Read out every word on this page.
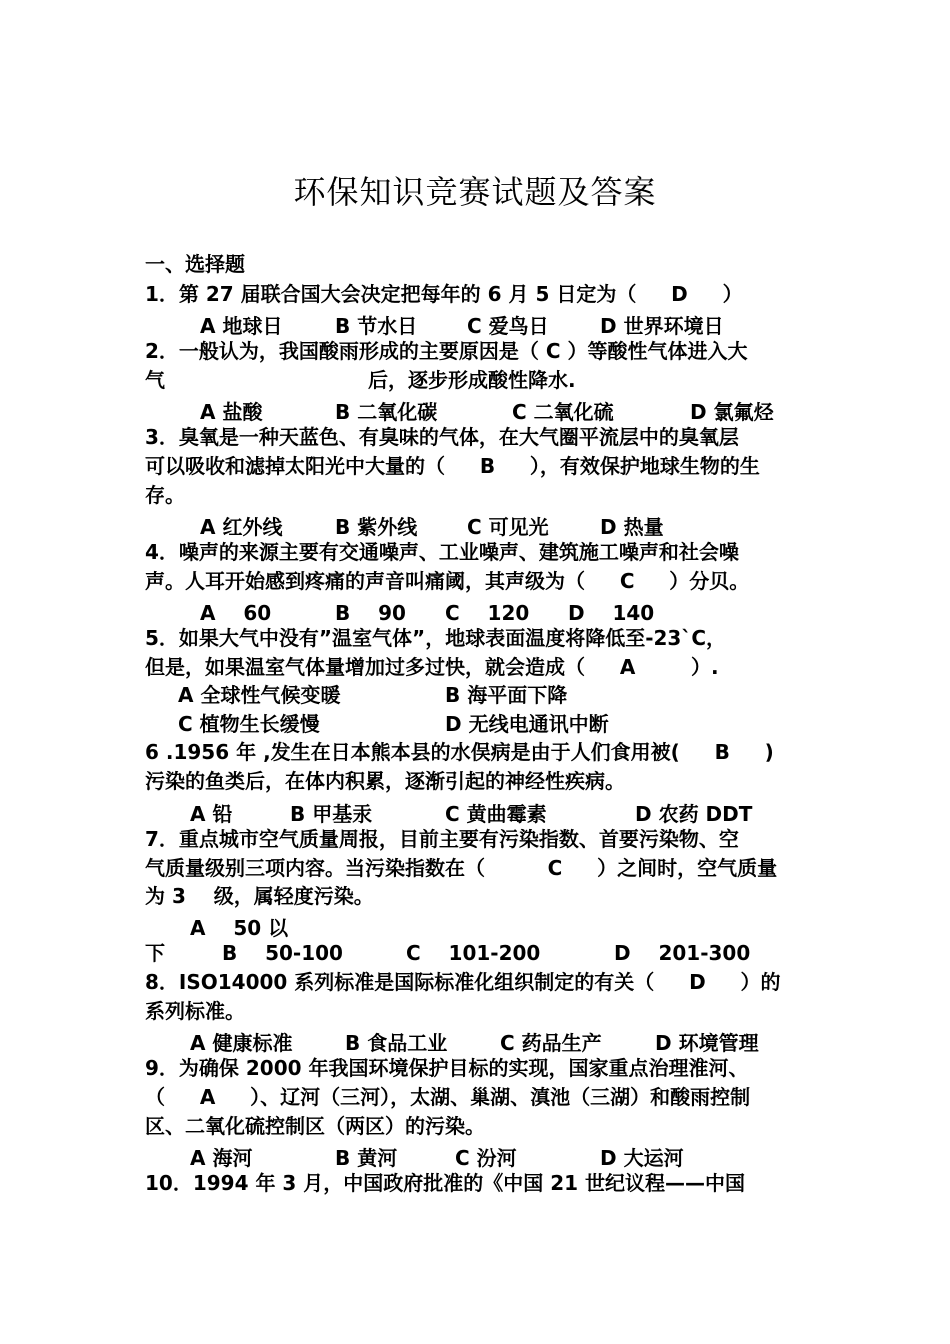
环保知识竞赛试题及答案
一、选择题
1．第 27 届联合国大会决定把每年的 6 月 5 日定为（     D     ）
A 地球日	B 节水日 C 爱鸟日	D 世界环境日
2．一般认为，我国酸雨形成的主要原因是（ C ）等酸性气体进入大
气	后，逐步形成酸性降水.
A 盐酸	B 二氧化碳	C 二氧化硫	D 氯氟烃
3．臭氧是一种天蓝色、有臭味的气体，在大气圈平流层中的臭氧层
可以吸收和滤掉太阳光中大量的（     B     ），有效保护地球生物的生
存。
A 红外线	B 紫外线 C 可见光	D 热量
4．噪声的来源主要有交通噪声、工业噪声、建筑施工噪声和社会噪
声。人耳开始感到疼痛的声音叫痛阈，其声级为（     C     ）分贝。
A    60	B    90 C    120 D    140
5．如果大气中没有”温室气体”，地球表面温度将降低至-23`C，
但是，如果温室气体量增加过多过快，就会造成（     A        ）.
A 全球性气候变暖	B 海平面下降
C 植物生长缓慢	D 无线电通讯中断
6 .1956 年 ,发生在日本熊本县的水俣病是由于人们食用被(     B     )
污染的鱼类后，在体内积累，逐渐引起的神经性疾病。
A 铅	B 甲基汞	C 黄曲霉素	D 农药 DDT
7．重点城市空气质量周报，目前主要有污染指数、首要污染物、空
气质量级别三项内容。当污染指数在（         C     ）之间时，空气质量
为 3    级，属轻度污染。
A    50 以
下	B    50-100	C    101-200	D    201-300
8．ISO14000 系列标准是国际标准化组织制定的有关（     D     ）的
系列标准。
A 健康标准	B 食品工业	C 药品生产	D 环境管理
9．为确保 2000 年我国环境保护目标的实现，国家重点治理淮河、
（     A     ）、辽河（三河），太湖、巢湖、滇池（三湖）和酸雨控制
区、二氧化硫控制区（两区）的污染。
A 海河	B 黄河	C 汾河	D 大运河
10．1994 年 3 月，中国政府批准的《中国 21 世纪议程——中国
